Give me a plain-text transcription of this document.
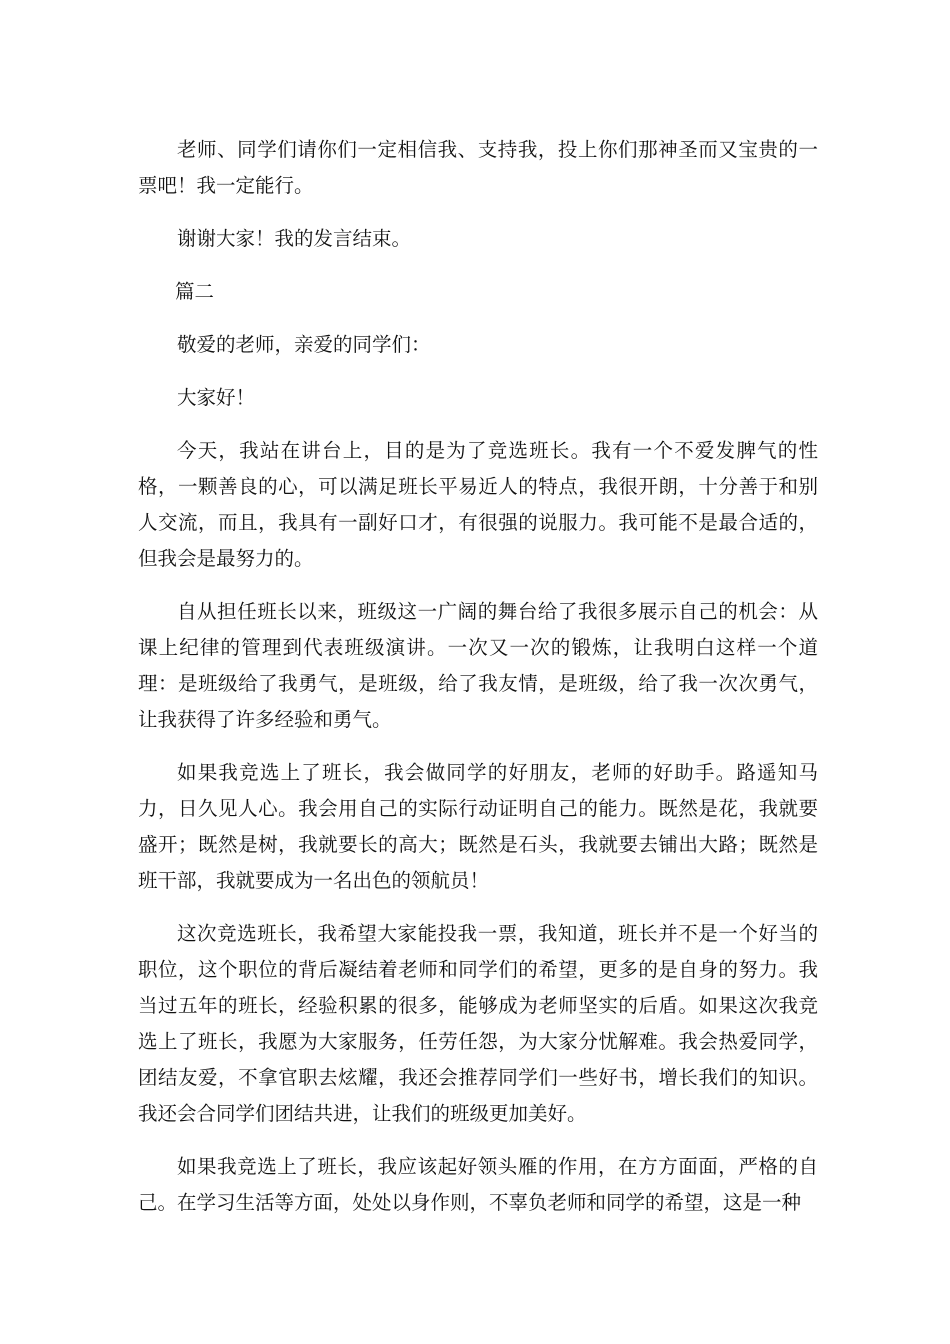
老师、同学们请你们一定相信我、支持我，投上你们那神圣而又宝贵的一票吧！我一定能行。

谢谢大家！我的发言结束。

篇二

敬爱的老师，亲爱的同学们：

大家好！

今天，我站在讲台上，目的是为了竞选班长。我有一个不爱发脾气的性格，一颗善良的心，可以满足班长平易近人的特点，我很开朗，十分善于和别人交流，而且，我具有一副好口才，有很强的说服力。我可能不是最合适的，但我会是最努力的。

自从担任班长以来，班级这一广阔的舞台给了我很多展示自己的机会：从课上纪律的管理到代表班级演讲。一次又一次的锻炼，让我明白这样一个道理：是班级给了我勇气，是班级，给了我友情，是班级，给了我一次次勇气，让我获得了许多经验和勇气。

如果我竞选上了班长，我会做同学的好朋友，老师的好助手。路遥知马力，日久见人心。我会用自己的实际行动证明自己的能力。既然是花，我就要盛开；既然是树，我就要长的高大；既然是石头，我就要去铺出大路；既然是班干部，我就要成为一名出色的领航员！

这次竞选班长，我希望大家能投我一票，我知道，班长并不是一个好当的职位，这个职位的背后凝结着老师和同学们的希望，更多的是自身的努力。我当过五年的班长，经验积累的很多，能够成为老师坚实的后盾。如果这次我竞选上了班长，我愿为大家服务，任劳任怨，为大家分忧解难。我会热爱同学，团结友爱，不拿官职去炫耀，我还会推荐同学们一些好书，增长我们的知识。我还会合同学们团结共进，让我们的班级更加美好。

如果我竞选上了班长，我应该起好领头雁的作用，在方方面面，严格的自己。在学习生活等方面，处处以身作则，不辜负老师和同学的希望，这是一种
